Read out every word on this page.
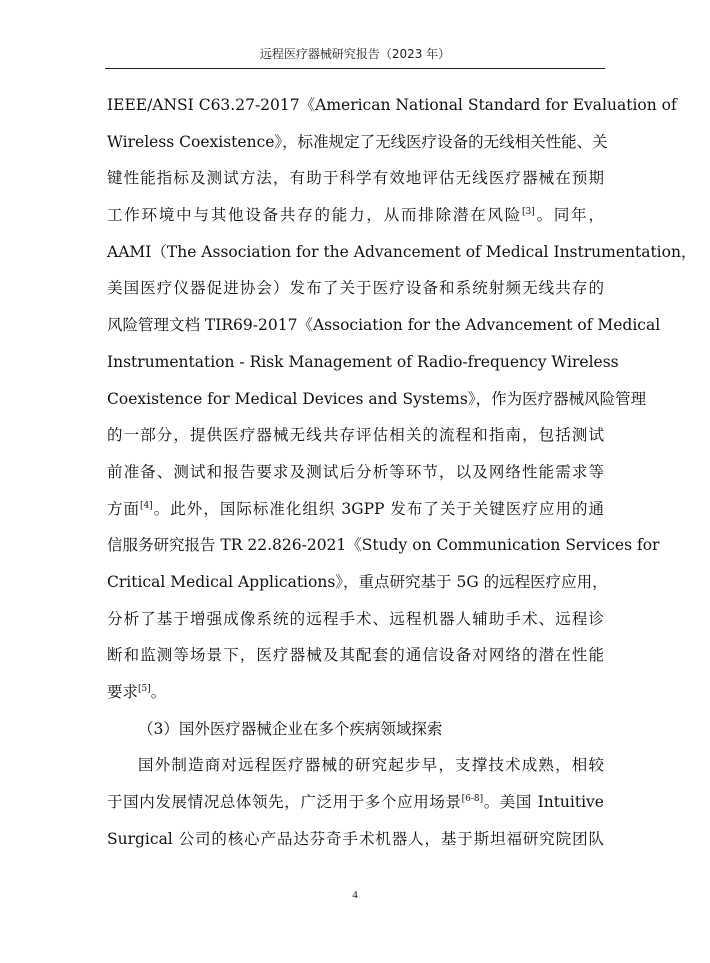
远程医疗器械研究报告（2023 年）
IEEE/ANSI C63.27-2017《American National Standard for Evaluation of
Wireless Coexistence》，标准规定了无线医疗设备的无线相关性能、关
键性能指标及测试方法，有助于科学有效地评估无线医疗器械在预期
工作环境中与其他设备共存的能力，从而排除潜在风险[3]。同年，
AAMI（The Association for the Advancement of Medical Instrumentation，
美国医疗仪器促进协会）发布了关于医疗设备和系统射频无线共存的
风险管理文档 TIR69-2017《Association for the Advancement of Medical
Instrumentation - Risk Management of Radio-frequency Wireless
Coexistence for Medical Devices and Systems》，作为医疗器械风险管理
的一部分，提供医疗器械无线共存评估相关的流程和指南，包括测试
前准备、测试和报告要求及测试后分析等环节，以及网络性能需求等
方面[4]。此外，国际标准化组织 3GPP 发布了关于关键医疗应用的通
信服务研究报告 TR 22.826-2021《Study on Communication Services for
Critical Medical Applications》，重点研究基于 5G 的远程医疗应用，
分析了基于增强成像系统的远程手术、远程机器人辅助手术、远程诊
断和监测等场景下，医疗器械及其配套的通信设备对网络的潜在性能
要求[5]。
（3）国外医疗器械企业在多个疾病领域探索
国外制造商对远程医疗器械的研究起步早，支撑技术成熟，相较
于国内发展情况总体领先，广泛用于多个应用场景[6-8]。美国 Intuitive
Surgical 公司的核心产品达芬奇手术机器人，基于斯坦福研究院团队
4
